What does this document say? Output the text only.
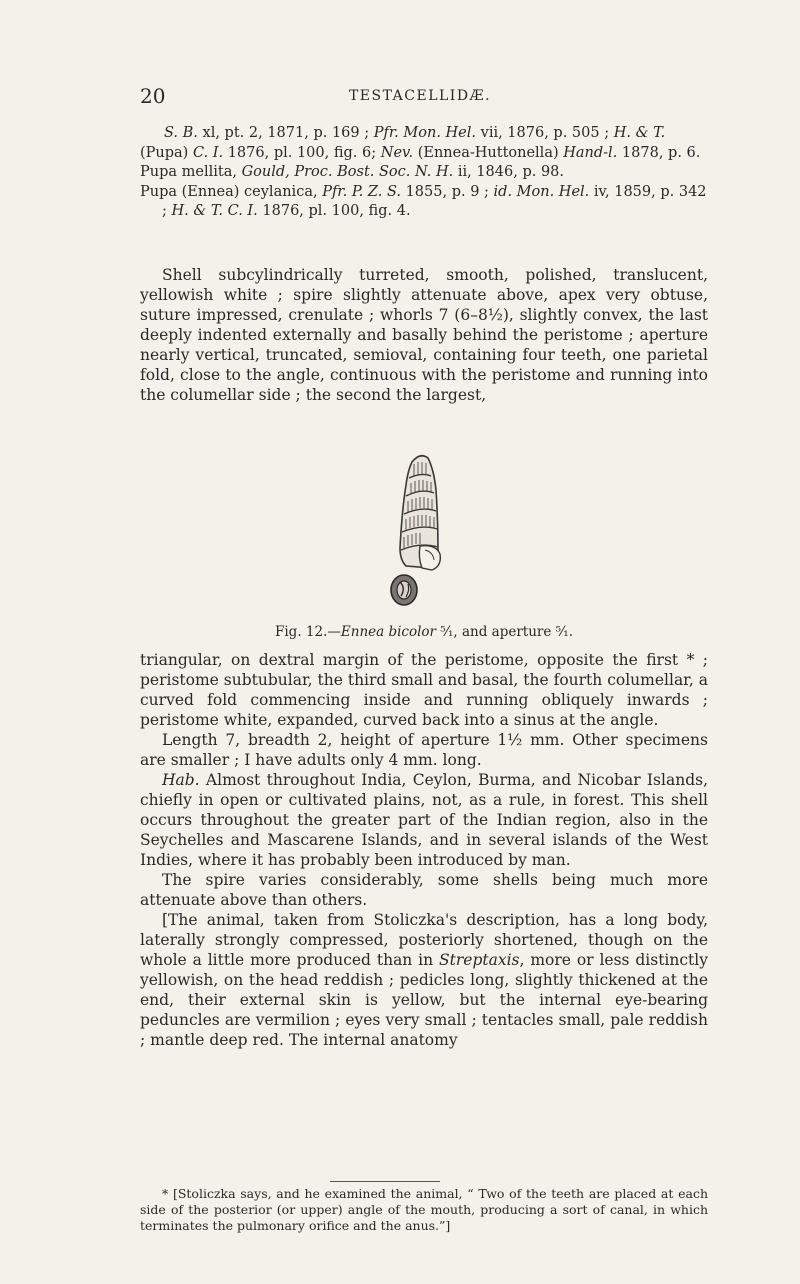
20	TESTACELLIDÆ.

S. B. xl, pt. 2, 1871, p. 169 ; Pfr. Mon. Hel. vii, 1876, p. 505 ; H. & T. (Pupa) C. I. 1876, pl. 100, fig. 6; Nev. (Ennea-Huttonella) Hand-l. 1878, p. 6.

Pupa mellita, Gould, Proc. Bost. Soc. N. H. ii, 1846, p. 98.

Pupa (Ennea) ceylanica, Pfr. P. Z. S. 1855, p. 9 ; id. Mon. Hel. iv, 1859, p. 342 ; H. & T. C. I. 1876, pl. 100, fig. 4.

Shell subcylindrically turreted, smooth, polished, translucent, yellowish white ; spire slightly attenuate above, apex very obtuse, suture impressed, crenulate ; whorls 7 (6–8½), slightly convex, the last deeply indented externally and basally behind the peristome ; aperture nearly vertical, truncated, semioval, containing four teeth, one parietal fold, close to the angle, continuous with the peristome and running into the columellar side ; the second the largest,

Fig. 12.—Ennea bicolor ⁵⁄₁, and aperture ⁵⁄₁.

triangular, on dextral margin of the peristome, opposite the first * ; peristome subtubular, the third small and basal, the fourth columellar, a curved fold commencing inside and running obliquely inwards ; peristome white, expanded, curved back into a sinus at the angle.

Length 7, breadth 2, height of aperture 1½ mm. Other specimens are smaller ; I have adults only 4 mm. long.

Hab. Almost throughout India, Ceylon, Burma, and Nicobar Islands, chiefly in open or cultivated plains, not, as a rule, in forest. This shell occurs throughout the greater part of the Indian region, also in the Seychelles and Mascarene Islands, and in several islands of the West Indies, where it has probably been introduced by man.

The spire varies considerably, some shells being much more attenuate above than others.

[The animal, taken from Stoliczka's description, has a long body, laterally strongly compressed, posteriorly shortened, though on the whole a little more produced than in Streptaxis, more or less distinctly yellowish, on the head reddish ; pedicles long, slightly thickened at the end, their external skin is yellow, but the internal eye-bearing peduncles are vermilion ; eyes very small ; tentacles small, pale reddish ; mantle deep red. The internal anatomy

* [Stoliczka says, and he examined the animal, “ Two of the teeth are placed at each side of the posterior (or upper) angle of the mouth, producing a sort of canal, in which terminates the pulmonary orifice and the anus.”]
